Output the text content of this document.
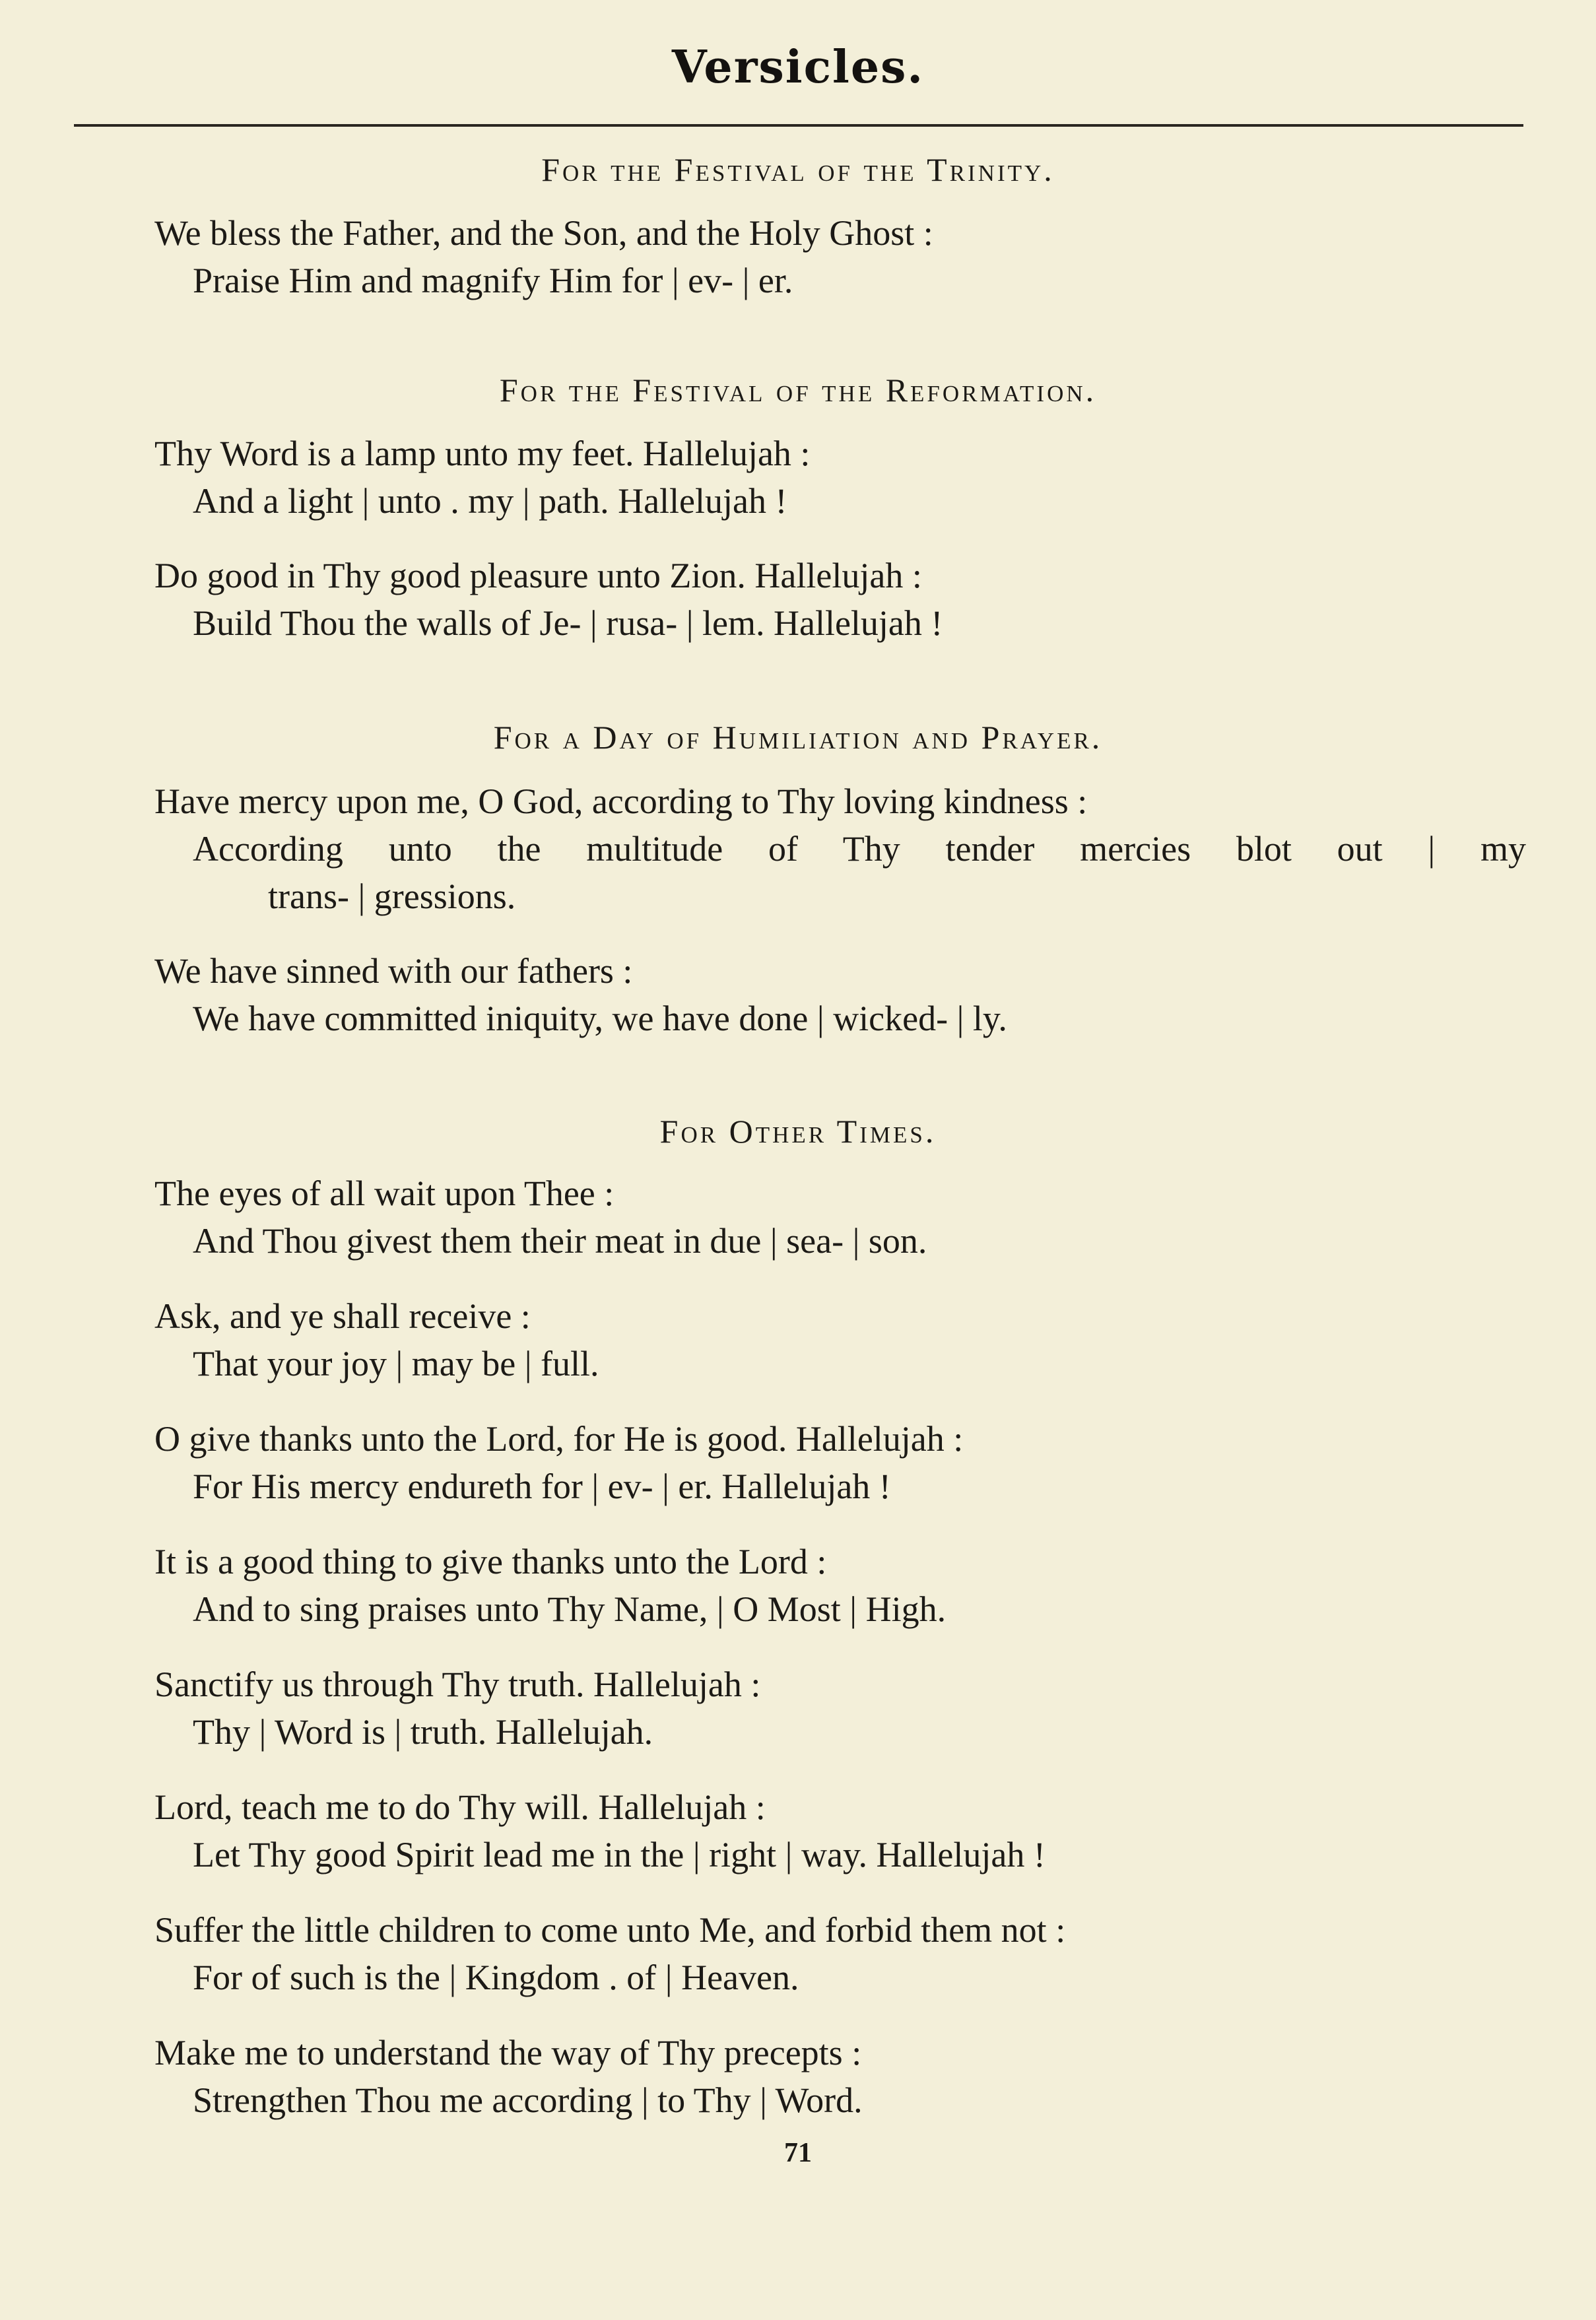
Versicles.
For the Festival of the Trinity.
We bless the Father, and the Son, and the Holy Ghost :
Praise Him and magnify Him for | ev- | er.
For the Festival of the Reformation.
Thy Word is a lamp unto my feet. Hallelujah :
And a light | unto . my | path. Hallelujah !
Do good in Thy good pleasure unto Zion. Hallelujah :
Build Thou the walls of Je- | rusa- | lem. Hallelujah !
For a Day of Humiliation and Prayer.
Have mercy upon me, O God, according to Thy loving kindness :
According unto the multitude of Thy tender mercies blot out | my
trans- | gressions.
We have sinned with our fathers :
We have committed iniquity, we have done | wicked- | ly.
For Other Times.
The eyes of all wait upon Thee :
And Thou givest them their meat in due | sea- | son.
Ask, and ye shall receive :
That your joy | may be | full.
O give thanks unto the Lord, for He is good. Hallelujah :
For His mercy endureth for | ev- | er. Hallelujah !
It is a good thing to give thanks unto the Lord :
And to sing praises unto Thy Name, | O Most | High.
Sanctify us through Thy truth. Hallelujah :
Thy | Word is | truth. Hallelujah.
Lord, teach me to do Thy will. Hallelujah :
Let Thy good Spirit lead me in the | right | way. Hallelujah !
Suffer the little children to come unto Me, and forbid them not :
For of such is the | Kingdom . of | Heaven.
Make me to understand the way of Thy precepts :
Strengthen Thou me according | to Thy | Word.
71
